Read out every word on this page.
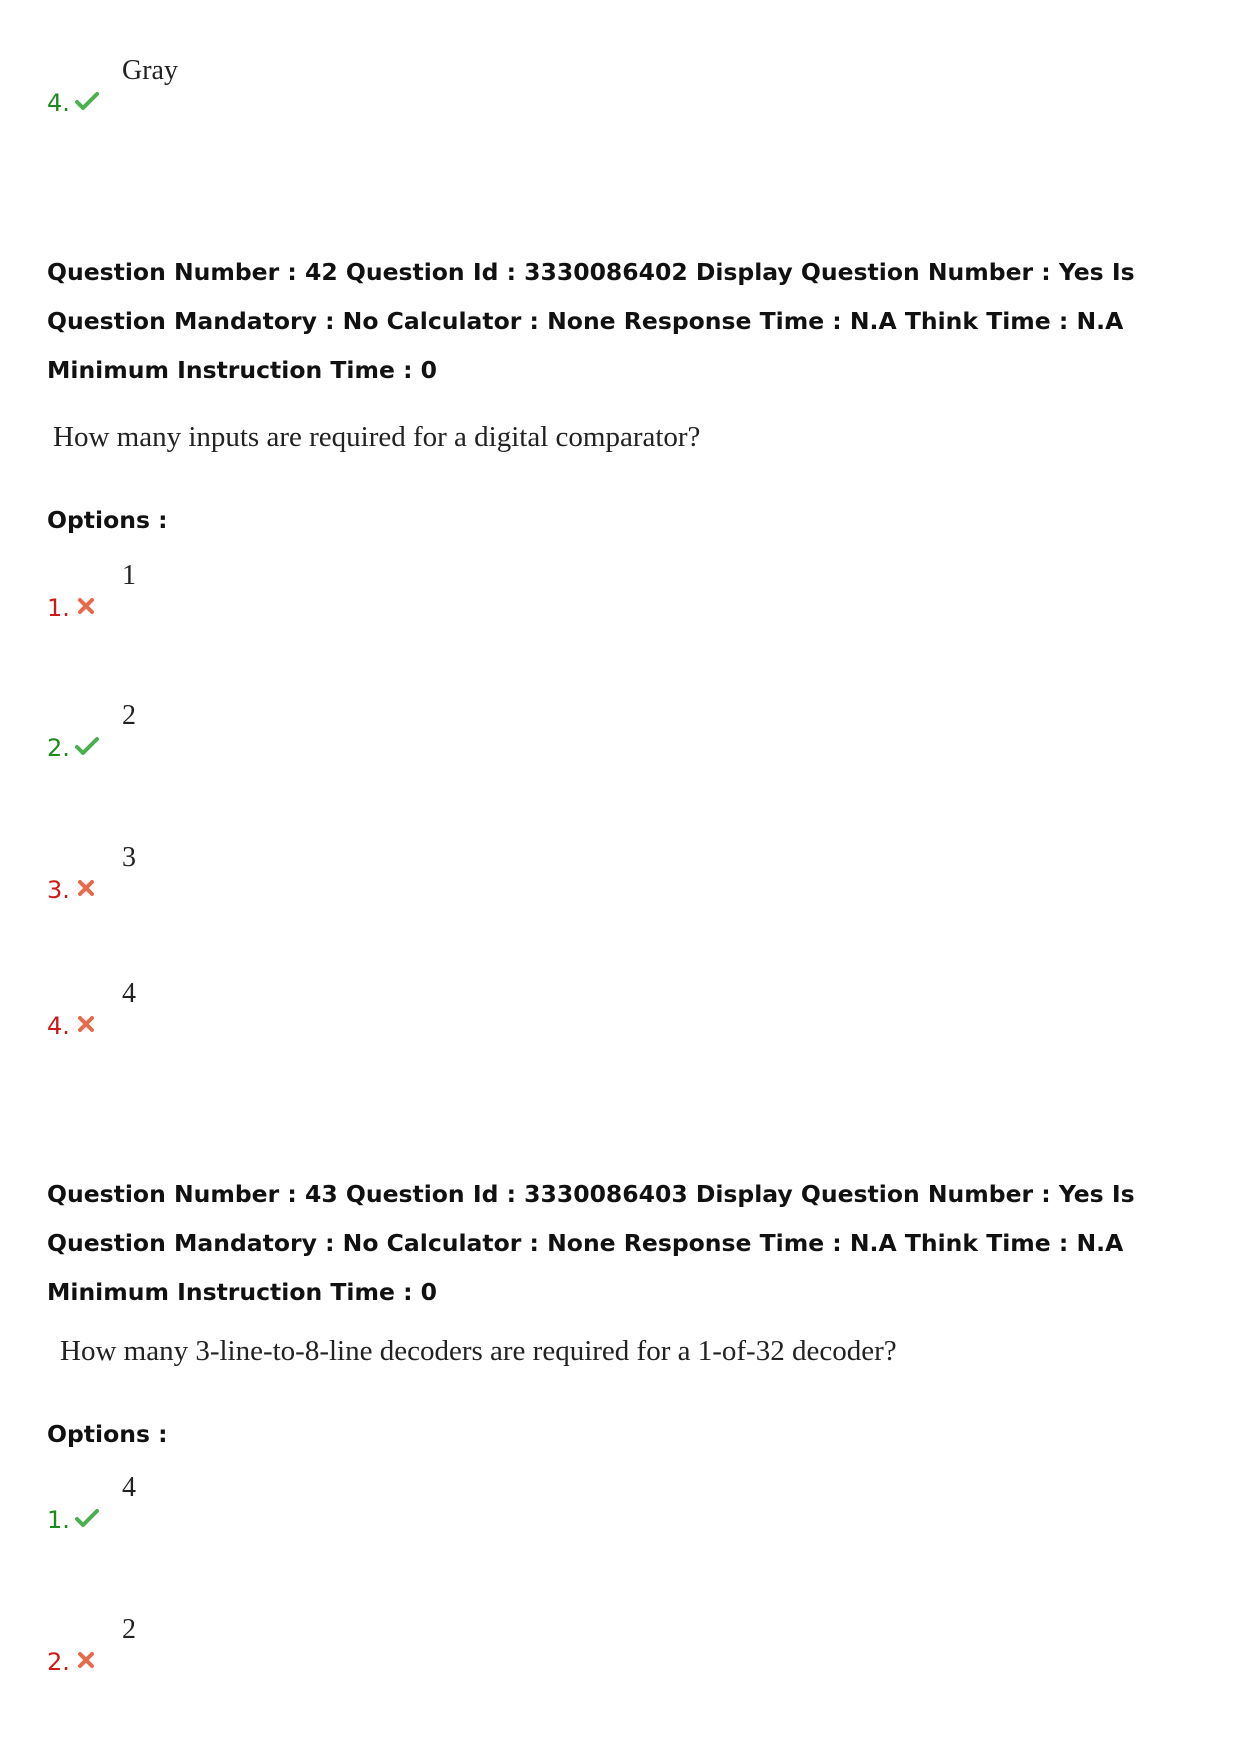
4.
Gray
Question Number : 42 Question Id : 3330086402 Display Question Number : Yes Is Question Mandatory : No Calculator : None Response Time : N.A Think Time : N.A Minimum Instruction Time : 0
How many inputs are required for a digital comparator?
Options :
1.
1
2.
2
3.
3
4.
4
Question Number : 43 Question Id : 3330086403 Display Question Number : Yes Is Question Mandatory : No Calculator : None Response Time : N.A Think Time : N.A Minimum Instruction Time : 0
How many 3-line-to-8-line decoders are required for a 1-of-32 decoder?
Options :
1.
4
2.
2
